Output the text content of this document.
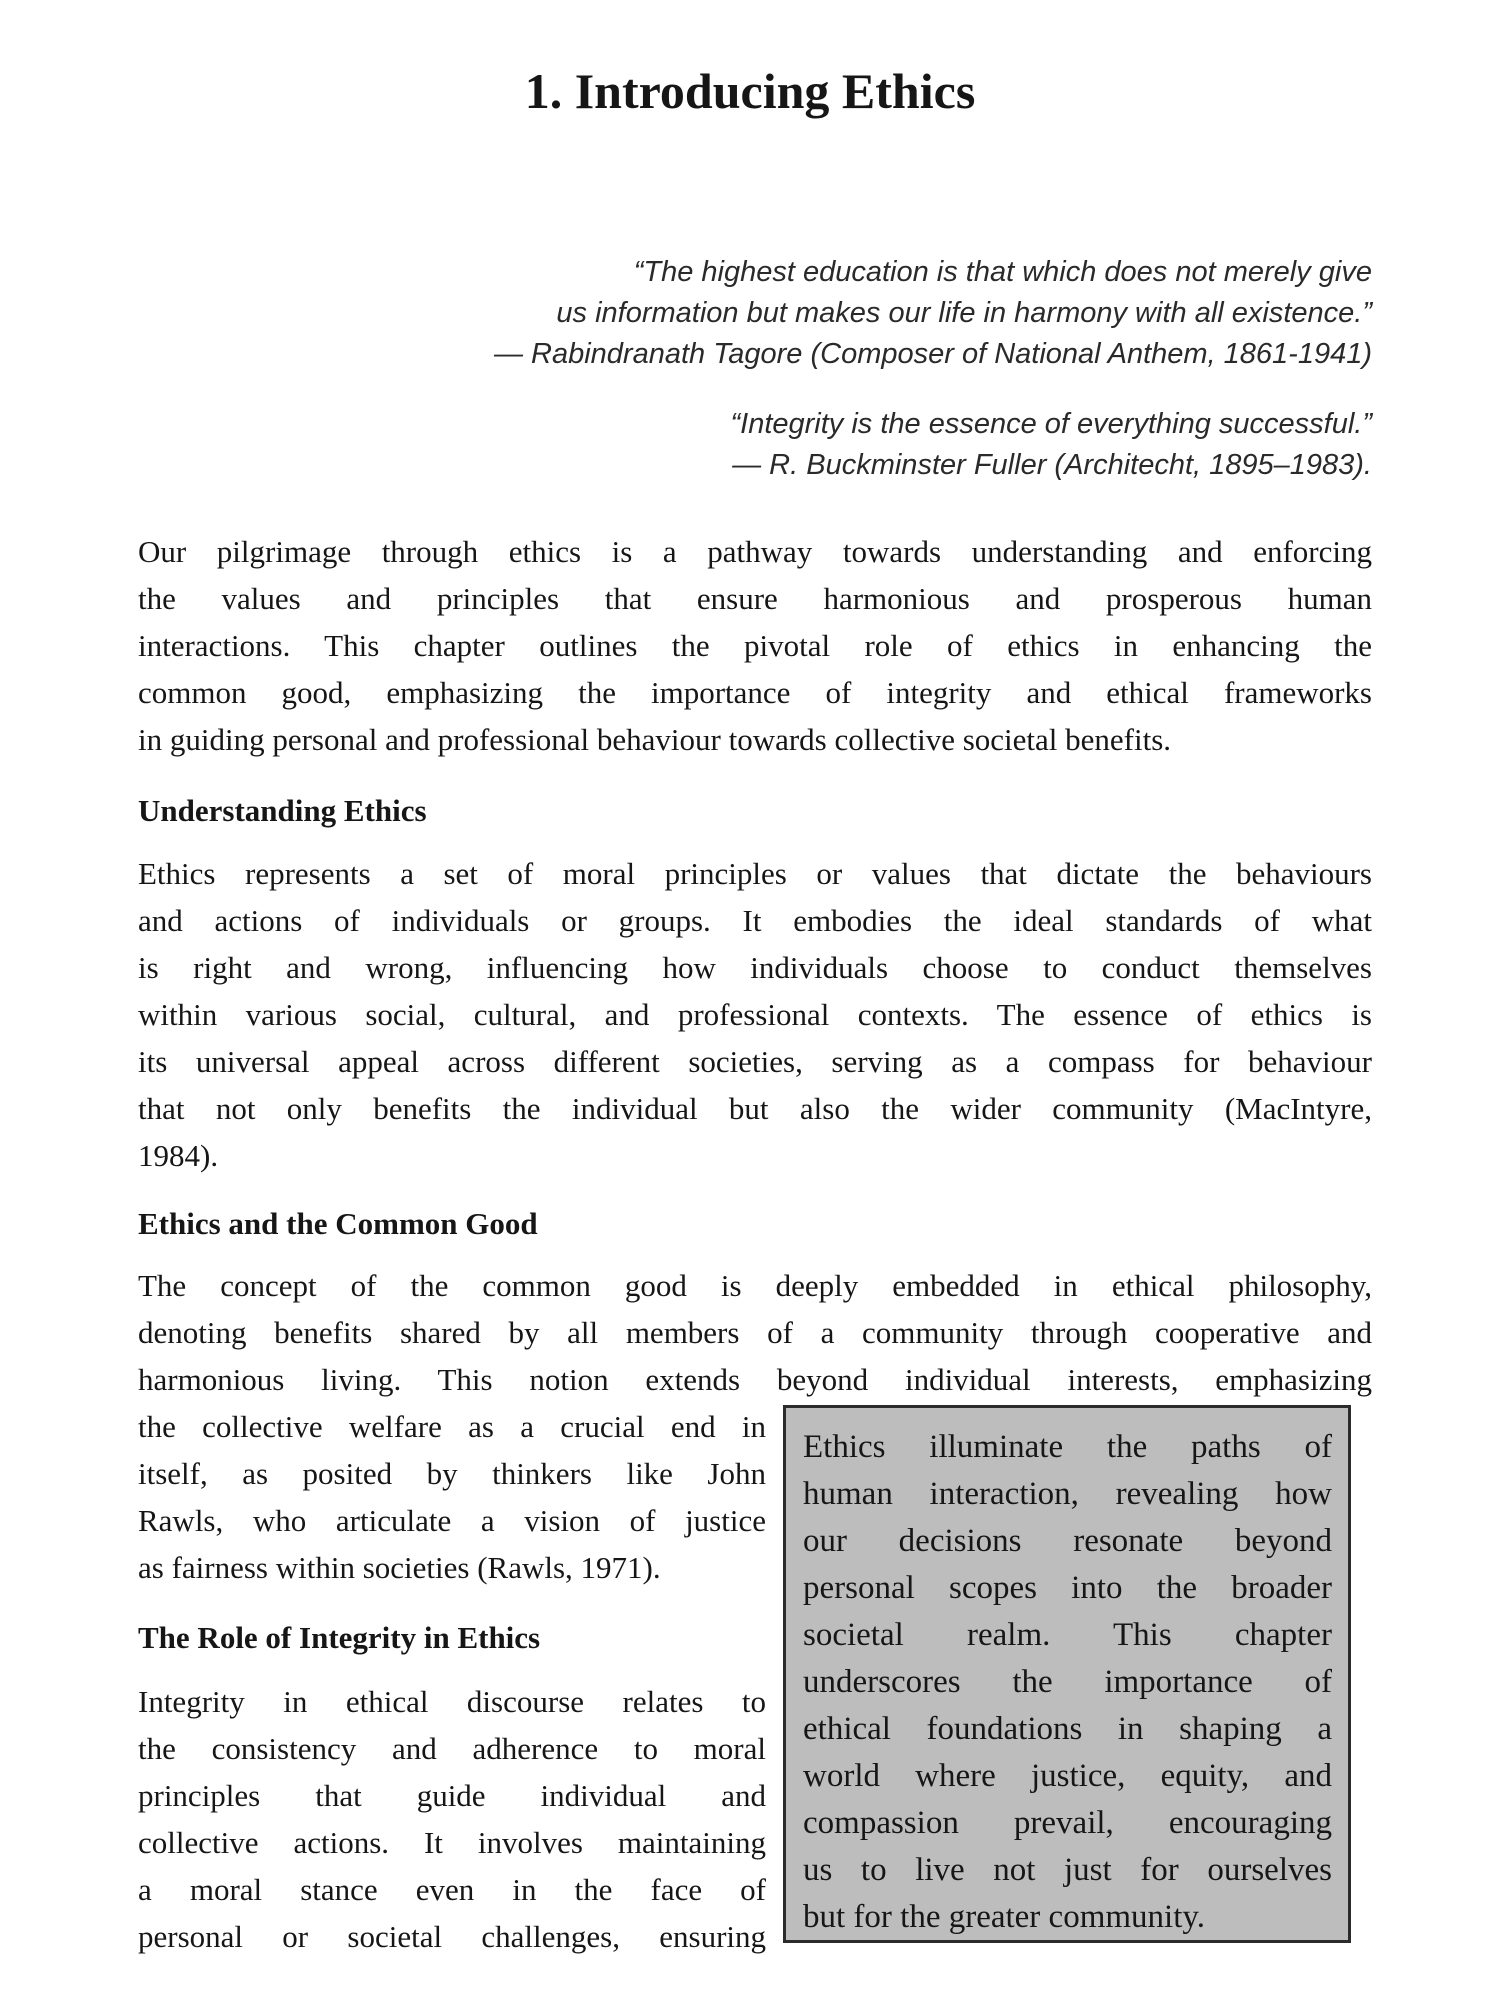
1. Introducing Ethics
“The highest education is that which does not merely give
us information but makes our life in harmony with all existence.”
— Rabindranath Tagore (Composer of National Anthem, 1861-1941)
“Integrity is the essence of everything successful.”
— R. Buckminster Fuller (Architecht, 1895–1983).
Our pilgrimage through ethics is a pathway towards understanding and enforcing
the values and principles that ensure harmonious and prosperous human
interactions. This chapter outlines the pivotal role of ethics in enhancing the
common good, emphasizing the importance of integrity and ethical frameworks
in guiding personal and professional behaviour towards collective societal benefits.
Understanding Ethics
Ethics represents a set of moral principles or values that dictate the behaviours
and actions of individuals or groups. It embodies the ideal standards of what
is right and wrong, influencing how individuals choose to conduct themselves
within various social, cultural, and professional contexts. The essence of ethics is
its universal appeal across different societies, serving as a compass for behaviour
that not only benefits the individual but also the wider community (MacIntyre,
1984).
Ethics and the Common Good
The concept of the common good is deeply embedded in ethical philosophy,
denoting benefits shared by all members of a community through cooperative and
harmonious living. This notion extends beyond individual interests, emphasizing
the collective welfare as a crucial end in
itself, as posited by thinkers like John
Rawls, who articulate a vision of justice
as fairness within societies (Rawls, 1971).
The Role of Integrity in Ethics
Integrity in ethical discourse relates to
the consistency and adherence to moral
principles that guide individual and
collective actions. It involves maintaining
a moral stance even in the face of
personal or societal challenges, ensuring
Ethics illuminate the paths of
human interaction, revealing how
our decisions resonate beyond
personal scopes into the broader
societal realm. This chapter
underscores the importance of
ethical foundations in shaping a
world where justice, equity, and
compassion prevail, encouraging
us to live not just for ourselves
but for the greater community.
